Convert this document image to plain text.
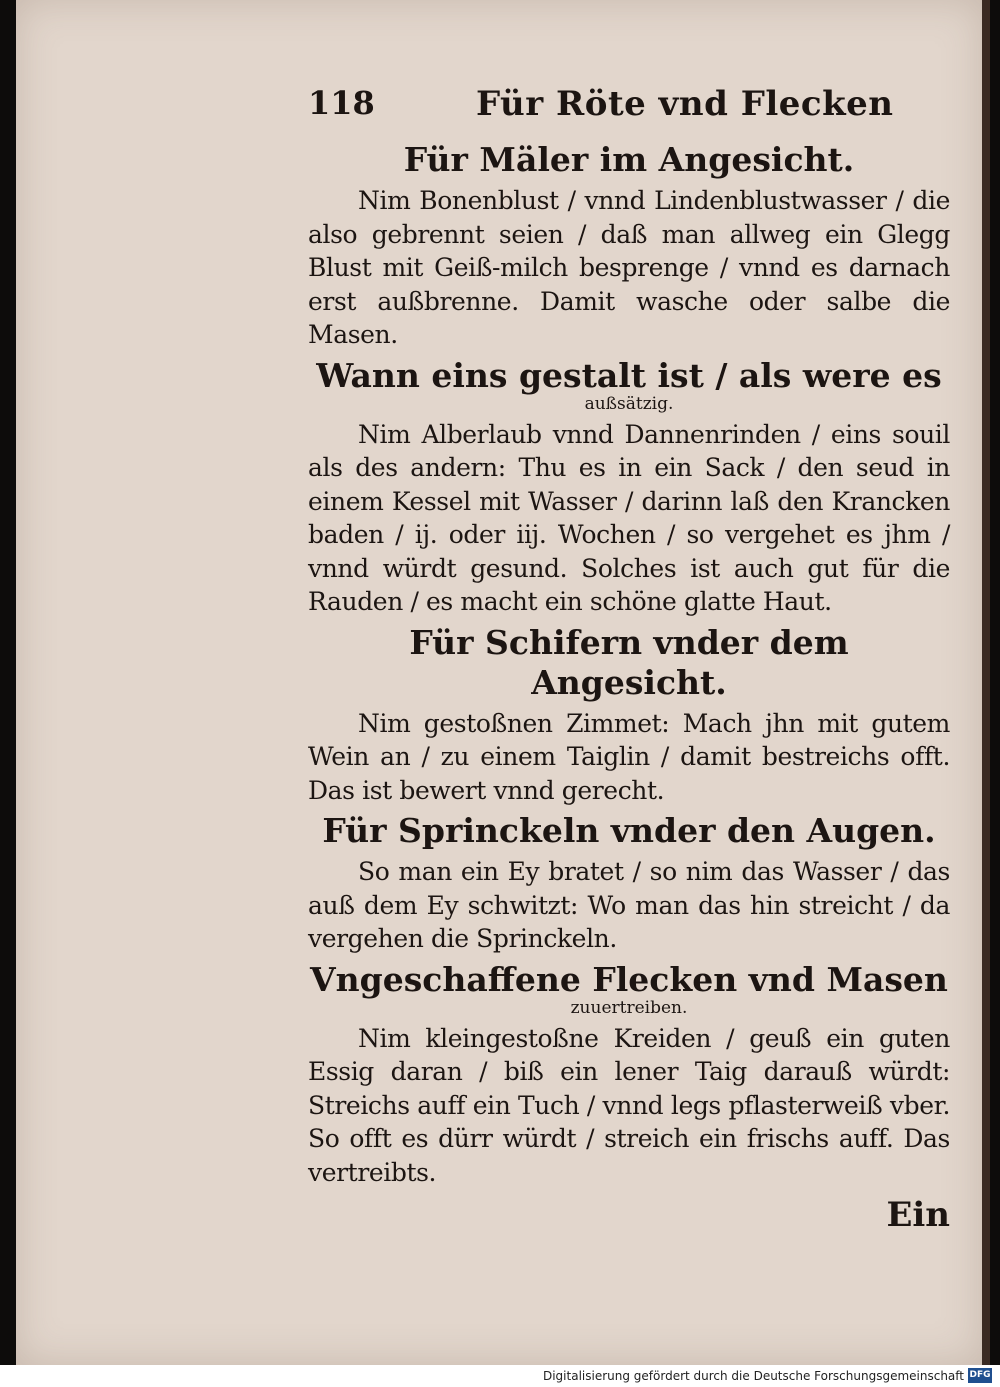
118	Für Röte vnd Flecken
Für Mäler im Angesicht.

Nim Bonenblust / vnnd Lindenblustwasser / die also gebrennt seien / daß man allweg ein Glegg Blust mit Geiß-milch besprenge / vnnd es darnach erst außbrenne. Damit wasche oder salbe die Masen.

Wann eins gestalt ist / als were es
außsätzig.

Nim Alberlaub vnnd Dannenrinden / eins souil als des andern: Thu es in ein Sack / den seud in einem Kessel mit Wasser / darinn laß den Krancken baden / ij. oder iij. Wochen / so vergehet es jhm / vnnd würdt gesund. Solches ist auch gut für die Rauden / es macht ein schöne glatte Haut.

Für Schifern vnder dem Angesicht.

Nim gestoßnen Zimmet: Mach jhn mit gutem Wein an / zu einem Taiglin / damit bestreichs offt. Das ist bewert vnnd gerecht.

Für Sprinckeln vnder den Augen.

So man ein Ey bratet / so nim das Wasser / das auß dem Ey schwitzt: Wo man das hin streicht / da vergehen die Sprinckeln.

Vngeschaffene Flecken vnd Masen
zuuertreiben.

Nim kleingestoßne Kreiden / geuß ein guten Essig daran / biß ein lener Taig darauß würdt: Streichs auff ein Tuch / vnnd legs pflasterweiß vber. So offt es dürr würdt / streich ein frischs auff. Das vertreibts.

Ein
Digitalisierung gefördert durch die Deutsche Forschungsgemeinschaft DFG
